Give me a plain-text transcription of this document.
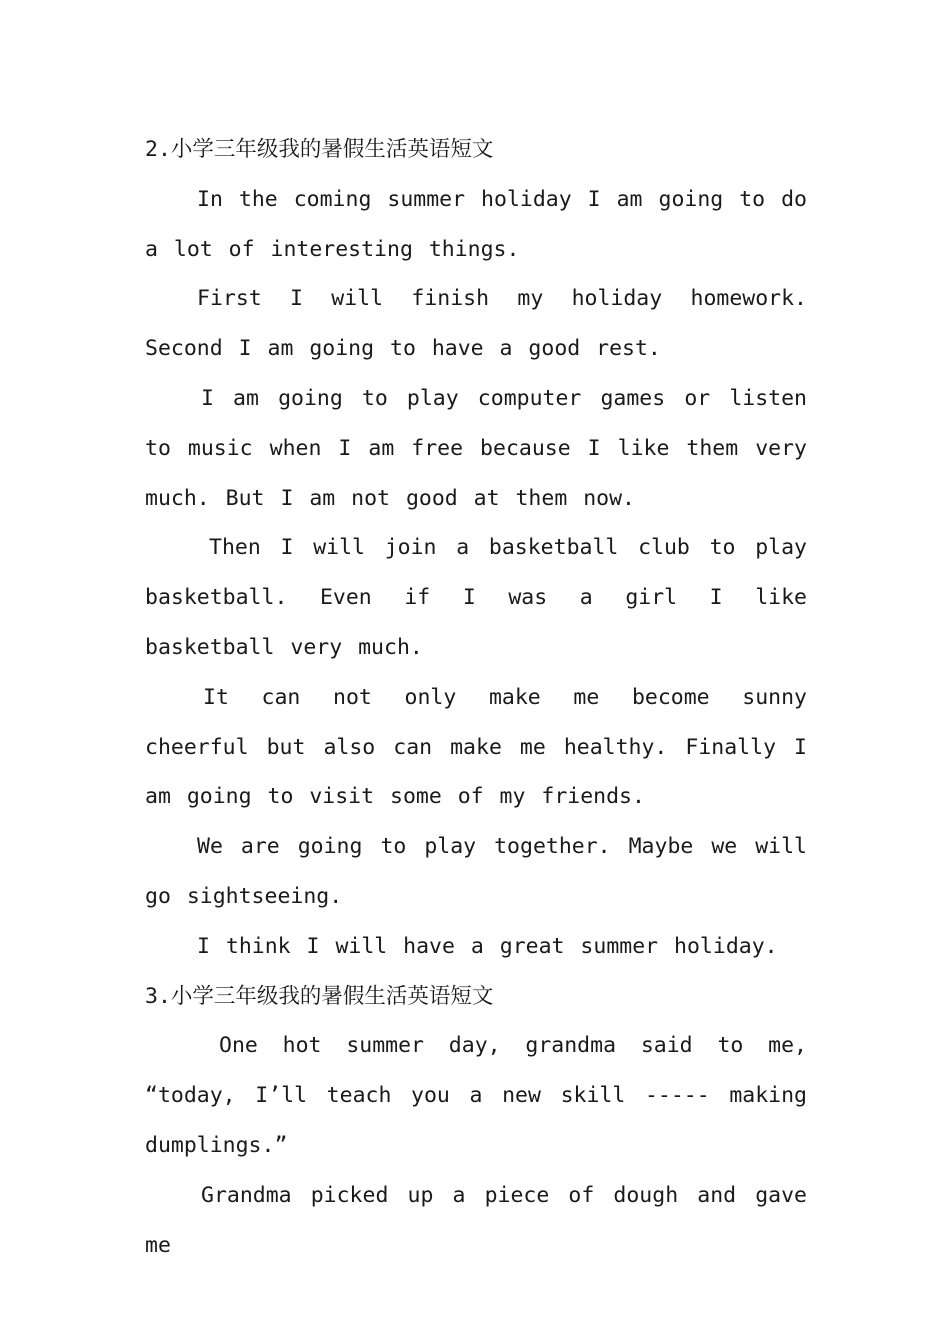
2.小学三年级我的暑假生活英语短文

In the coming summer holiday I am going to do a lot of interesting things.

First I will finish my holiday homework. Second I am going to have a good rest.

I am going to play computer games or listen to music when I am free because I like them very much. But I am not good at them now.

Then I will join a basketball club to play basketball. Even if I was a girl I like basketball very much.

It can not only make me become sunny cheerful but also can make me healthy. Finally I am going to visit some of my friends.

We are going to play together. Maybe we will go sightseeing.

I think I will have a great summer holiday.

3.小学三年级我的暑假生活英语短文

One hot summer day, grandma said to me, “today, I’ll teach you a new skill ----- making dumplings.”

Grandma picked up a piece of dough and gave me
